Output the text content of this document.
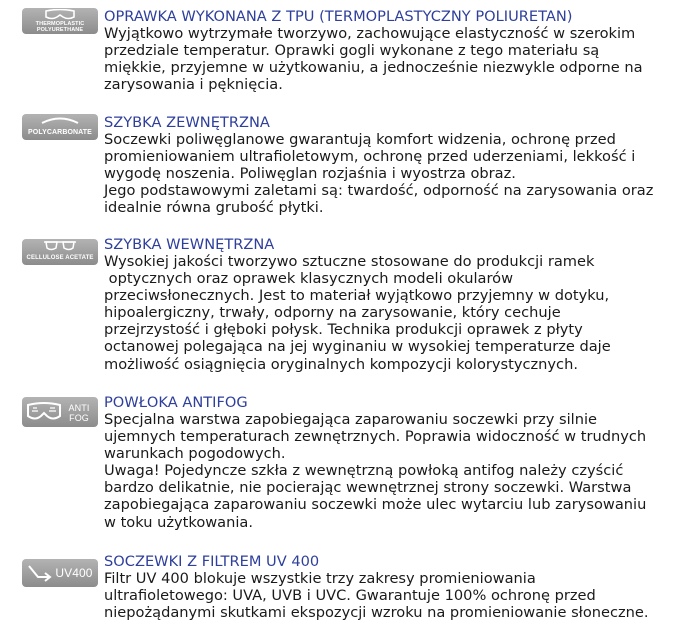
THERMOPLASTIC
POLYURETHANE
OPRAWKA WYKONANA Z TPU (TERMOPLASTYCZNY POLIURETAN)

Wyjątkowo wytrzymałe tworzywo, zachowujące elastyczność w szerokim
przedziale temperatur. Oprawki gogli wykonane z tego materiału są
miękkie, przyjemne w użytkowaniu, a jednocześnie niezwykle odporne na
zarysowania i pęknięcia.

POLYCARBONATE
SZYBKA ZEWNĘTRZNA

Soczewki poliwęglanowe gwarantują komfort widzenia, ochronę przed
promieniowaniem ultrafioletowym, ochronę przed uderzeniami, lekkość i
wygodę noszenia. Poliwęglan rozjaśnia i wyostrza obraz.
Jego podstawowymi zaletami są: twardość, odporność na zarysowania oraz
idealnie równa grubość płytki.

CELLULOSE ACETATE
SZYBKA WEWNĘTRZNA

Wysokiej jakości tworzywo sztuczne stosowane do produkcji ramek
optycznych oraz oprawek klasycznych modeli okularów
przeciwsłonecznych. Jest to materiał wyjątkowo przyjemny w dotyku,
hipoalergiczny, trwały, odporny na zarysowanie, który cechuje
przejrzystość i głęboki połysk. Technika produkcji oprawek z płyty
octanowej polegająca na jej wyginaniu w wysokiej temperaturze daje
możliwość osiągnięcia oryginalnych kompozycji kolorystycznych.

ANTI
FOG
POWŁOKA ANTIFOG

Specjalna warstwa zapobiegająca zaparowaniu soczewki przy silnie
ujemnych temperaturach zewnętrznych. Poprawia widoczność w trudnych
warunkach pogodowych.
Uwaga! Pojedyncze szkła z wewnętrzną powłoką antifog należy czyścić
bardzo delikatnie, nie pocierając wewnętrznej strony soczewki. Warstwa
zapobiegająca zaparowaniu soczewki może ulec wytarciu lub zarysowaniu
w toku użytkowania.

UV400
SOCZEWKI Z FILTREM UV 400

Filtr UV 400 blokuje wszystkie trzy zakresy promieniowania
ultrafioletowego: UVA, UVB i UVC. Gwarantuje 100% ochronę przed
niepożądanymi skutkami ekspozycji wzroku na promieniowanie słoneczne.
